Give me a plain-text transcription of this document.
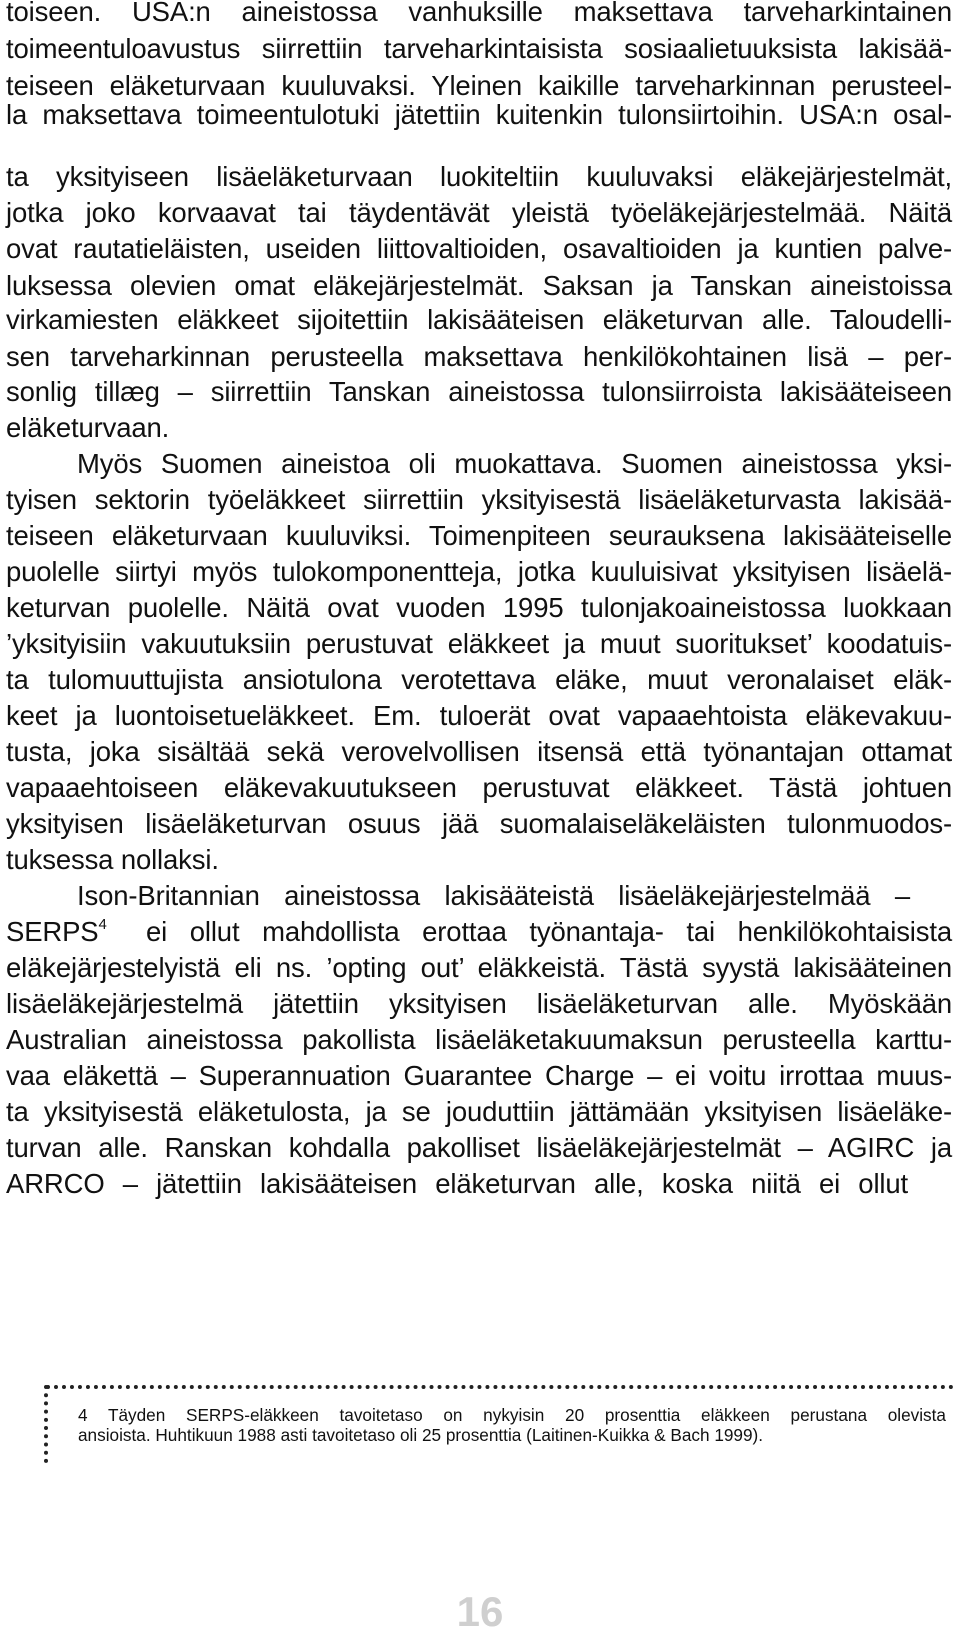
toiseen. USA:n aineistossa vanhuksille maksettava tarveharkintainen
toimeentuloavustus siirrettiin tarveharkintaisista sosiaalietuuksista lakisää-
teiseen eläketurvaan kuuluvaksi. Yleinen kaikille tarveharkinnan perusteel-
la maksettava toimeentulotuki jätettiin kuitenkin tulonsiirtoihin. USA:n osal-
ta yksityiseen lisäeläketurvaan luokiteltiin kuuluvaksi eläkejärjestelmät,
jotka joko korvaavat tai täydentävät yleistä työeläkejärjestelmää. Näitä
ovat rautatieläisten, useiden liittovaltioiden, osavaltioiden ja kuntien palve-
luksessa olevien omat eläkejärjestelmät. Saksan ja Tanskan aineistoissa
virkamiesten eläkkeet sijoitettiin lakisääteisen eläketurvan alle. Taloudelli-
sen tarveharkinnan perusteella maksettava henkilökohtainen lisä – per-
sonlig tillæg – siirrettiin Tanskan aineistossa tulonsiirroista lakisääteiseen
eläketurvaan.
Myös Suomen aineistoa oli muokattava. Suomen aineistossa yksi-
tyisen sektorin työeläkkeet siirrettiin yksityisestä lisäeläketurvasta lakisää-
teiseen eläketurvaan kuuluviksi. Toimenpiteen seurauksena lakisääteiselle
puolelle siirtyi myös tulokomponentteja, jotka kuuluisivat yksityisen lisäelä-
keturvan puolelle. Näitä ovat vuoden 1995 tulonjakoaineistossa luokkaan
’yksityisiin vakuutuksiin perustuvat eläkkeet ja muut suoritukset’ koodatuis-
ta tulomuuttujista ansiotulona verotettava eläke, muut veronalaiset eläk-
keet ja luontoisetueläkkeet. Em. tuloerät ovat vapaaehtoista eläkevakuu-
tusta, joka sisältää sekä verovelvollisen itsensä että työnantajan ottamat
vapaaehtoiseen eläkevakuutukseen perustuvat eläkkeet. Tästä johtuen
yksityisen lisäeläketurvan osuus jää suomalaiseläkeläisten tulonmuodos-
tuksessa nollaksi.
Ison-Britannian aineistossa lakisääteistä lisäeläkejärjestelmää –
SERPS$^4$ ei ollut mahdollista erottaa työnantaja- tai henkilökohtaisista
eläkejärjestelyistä eli ns. ’opting out’ eläkkeistä. Tästä syystä lakisääteinen
lisäeläkejärjestelmä jätettiin yksityisen lisäeläketurvan alle. Myöskään
Australian aineistossa pakollista lisäeläketakuumaksun perusteella karttu-
vaa eläkettä – Superannuation Guarantee Charge – ei voitu irrottaa muus-
ta yksityisestä eläketulosta, ja se jouduttiin jättämään yksityisen lisäeläke-
turvan alle. Ranskan kohdalla pakolliset lisäeläkejärjestelmät – AGIRC ja
ARRCO – jätettiin lakisääteisen eläketurvan alle, koska niitä ei ollut
4 Täyden SERPS-eläkkeen tavoitetaso on nykyisin 20 prosenttia eläkkeen perustana olevista
ansioista. Huhtikuun 1988 asti tavoitetaso oli 25 prosenttia (Laitinen-Kuikka & Bach 1999).
16
